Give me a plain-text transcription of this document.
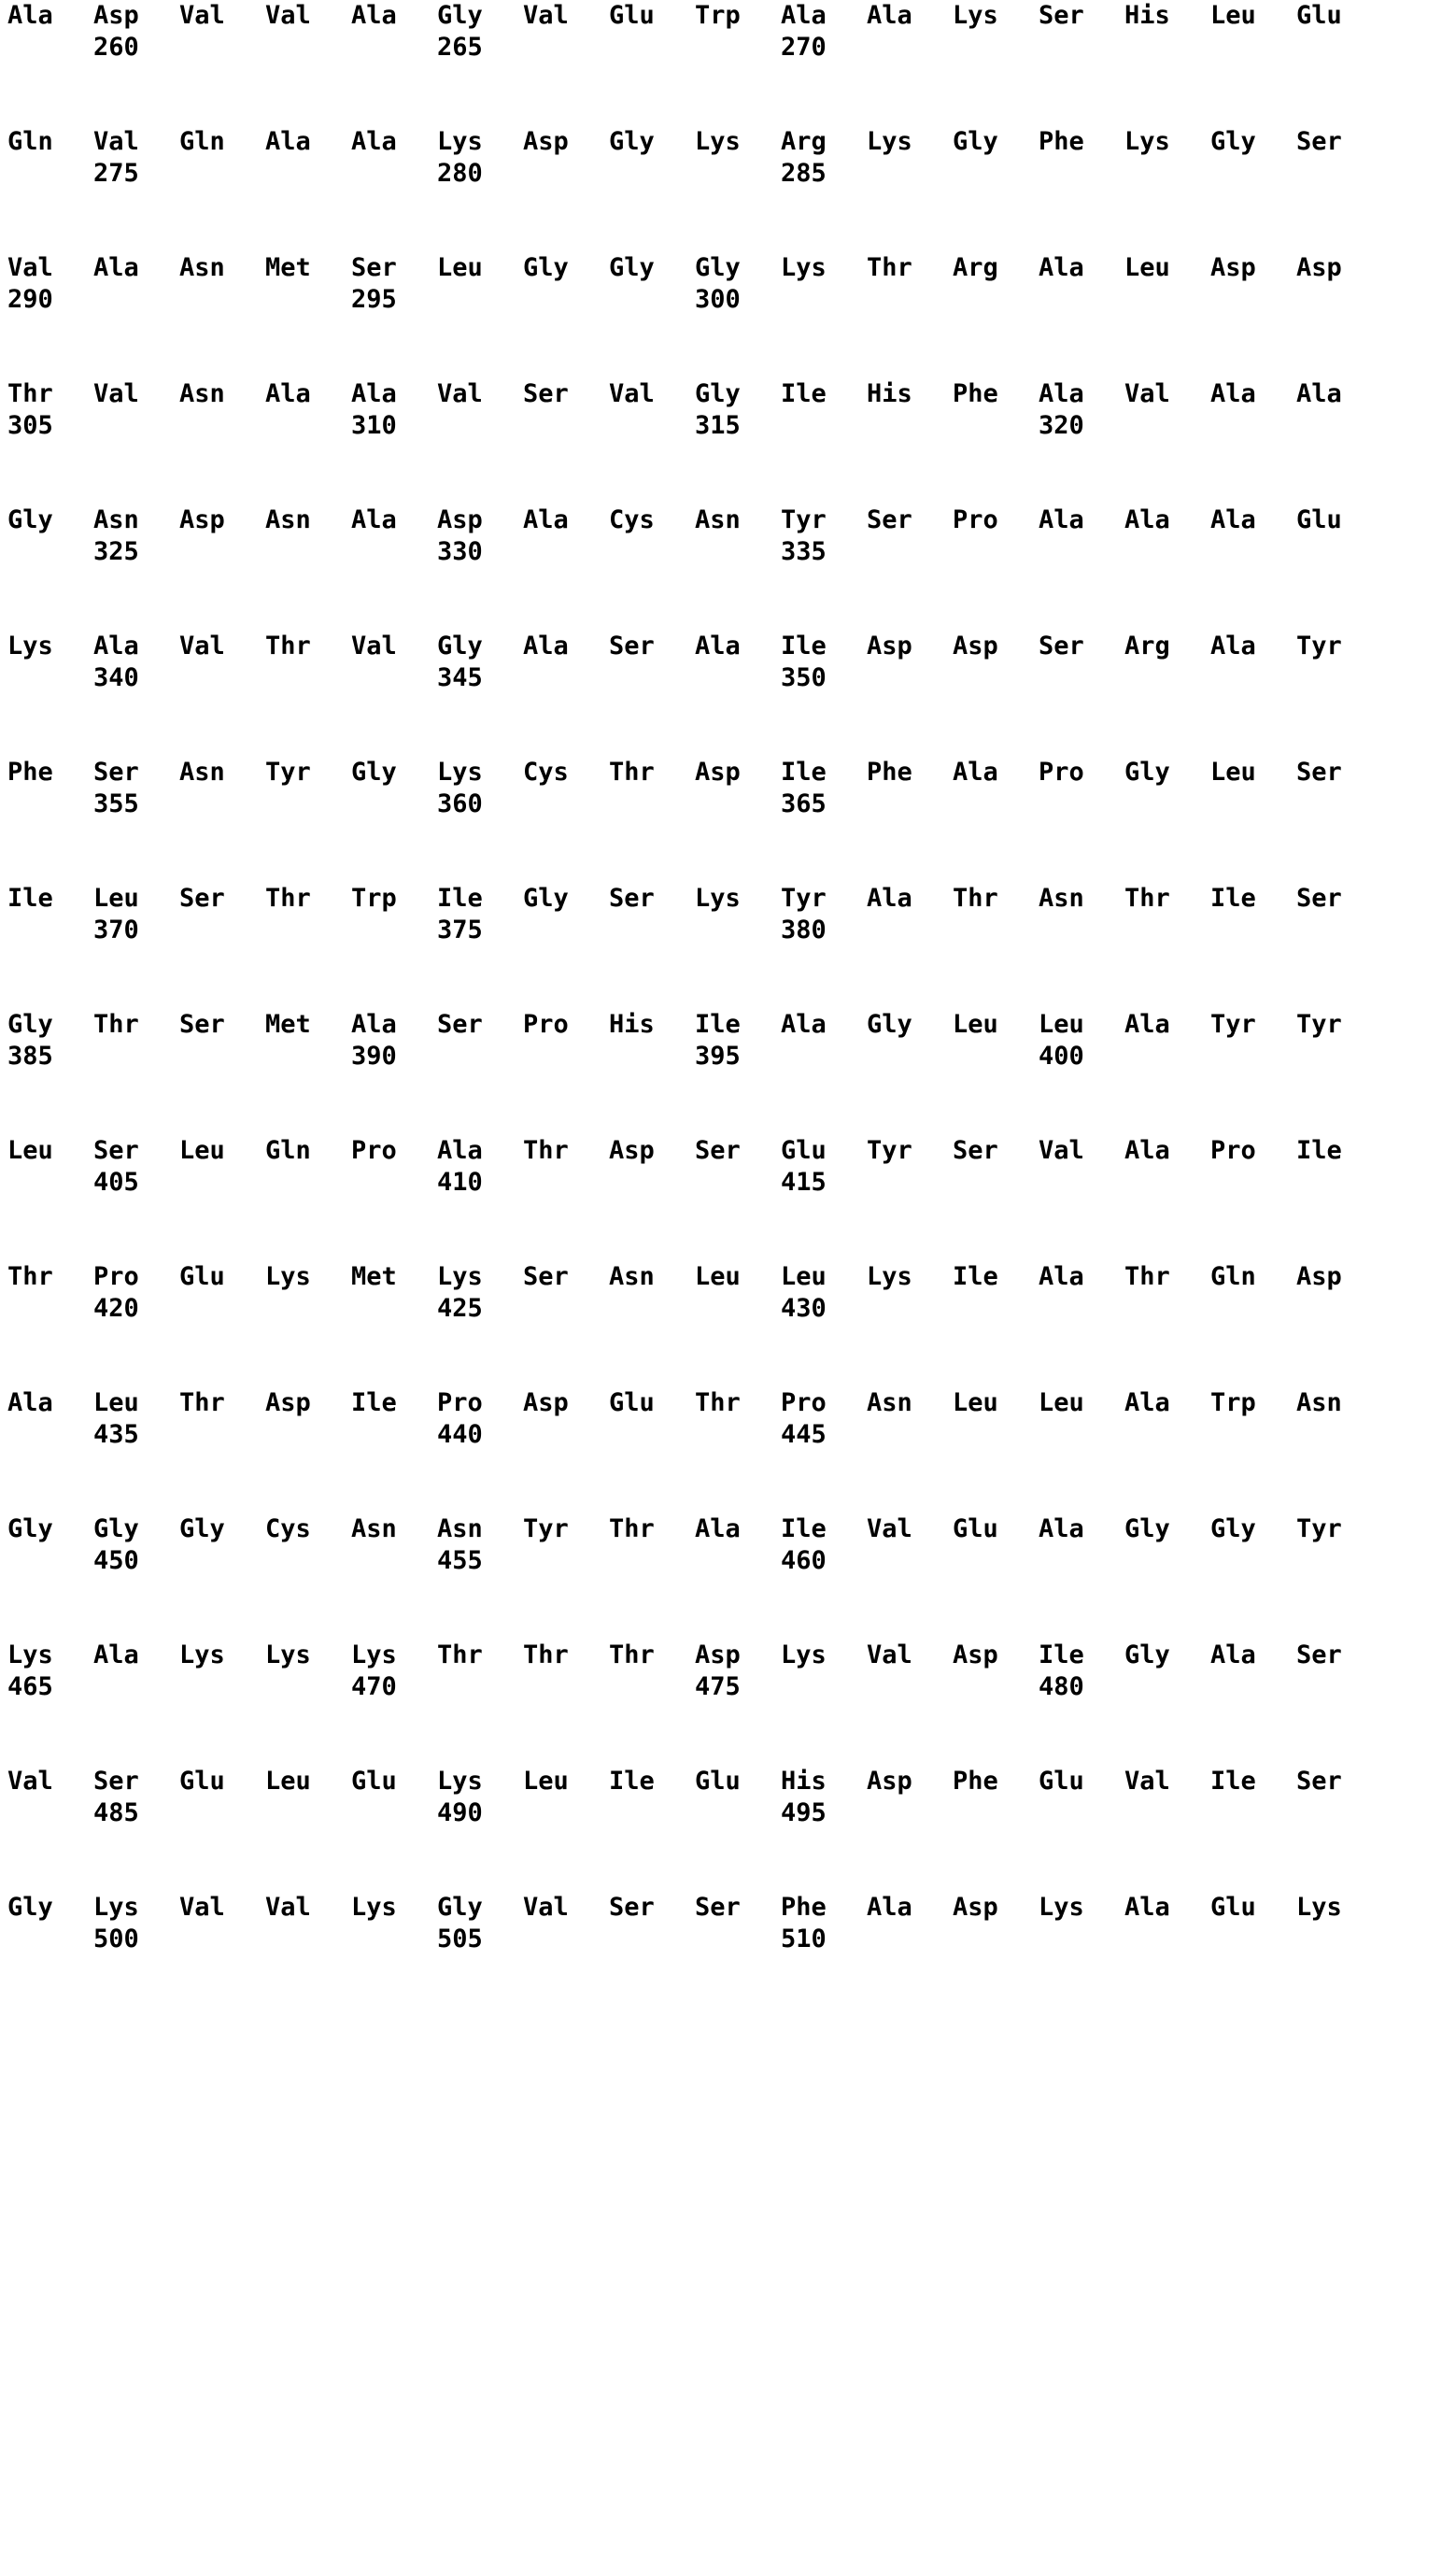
Ala	Asp	Val	Val	Ala	Gly	Val	Glu	Trp	Ala	Ala	Lys	Ser	His	Leu	Glu
260	265	270
Gln	Val	Gln	Ala	Ala	Lys	Asp	Gly	Lys	Arg	Lys	Gly	Phe	Lys	Gly	Ser
275	280	285
Val	Ala	Asn	Met	Ser	Leu	Gly	Gly	Gly	Lys	Thr	Arg	Ala	Leu	Asp	Asp
290	295	300
Thr	Val	Asn	Ala	Ala	Val	Ser	Val	Gly	Ile	His	Phe	Ala	Val	Ala	Ala
305	310	315	320
Gly	Asn	Asp	Asn	Ala	Asp	Ala	Cys	Asn	Tyr	Ser	Pro	Ala	Ala	Ala	Glu
325	330	335
Lys	Ala	Val	Thr	Val	Gly	Ala	Ser	Ala	Ile	Asp	Asp	Ser	Arg	Ala	Tyr
340	345	350
Phe	Ser	Asn	Tyr	Gly	Lys	Cys	Thr	Asp	Ile	Phe	Ala	Pro	Gly	Leu	Ser
355	360	365
Ile	Leu	Ser	Thr	Trp	Ile	Gly	Ser	Lys	Tyr	Ala	Thr	Asn	Thr	Ile	Ser
370	375	380
Gly	Thr	Ser	Met	Ala	Ser	Pro	His	Ile	Ala	Gly	Leu	Leu	Ala	Tyr	Tyr
385	390	395	400
Leu	Ser	Leu	Gln	Pro	Ala	Thr	Asp	Ser	Glu	Tyr	Ser	Val	Ala	Pro	Ile
405	410	415
Thr	Pro	Glu	Lys	Met	Lys	Ser	Asn	Leu	Leu	Lys	Ile	Ala	Thr	Gln	Asp
420	425	430
Ala	Leu	Thr	Asp	Ile	Pro	Asp	Glu	Thr	Pro	Asn	Leu	Leu	Ala	Trp	Asn
435	440	445
Gly	Gly	Gly	Cys	Asn	Asn	Tyr	Thr	Ala	Ile	Val	Glu	Ala	Gly	Gly	Tyr
450	455	460
Lys	Ala	Lys	Lys	Lys	Thr	Thr	Thr	Asp	Lys	Val	Asp	Ile	Gly	Ala	Ser
465	470	475	480
Val	Ser	Glu	Leu	Glu	Lys	Leu	Ile	Glu	His	Asp	Phe	Glu	Val	Ile	Ser
485	490	495
Gly	Lys	Val	Val	Lys	Gly	Val	Ser	Ser	Phe	Ala	Asp	Lys	Ala	Glu	Lys
500	505	510
